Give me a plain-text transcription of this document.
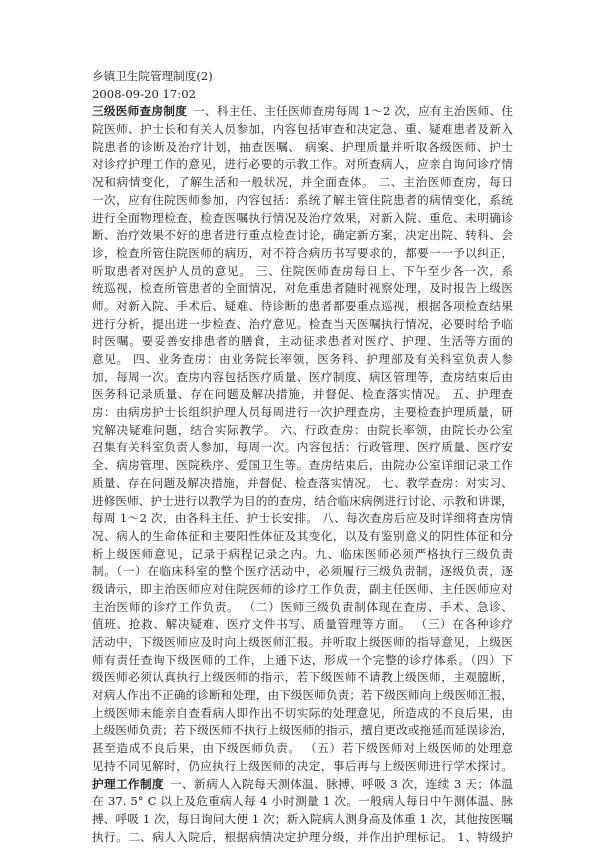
乡镇卫生院管理制度(2)
2008-09-20 17:02
三级医师查房制度 一、科主任、主任医师查房每周 1～2 次，应有主治医师、住
院医师、护士长和有关人员参加，内容包括审查和决定急、重、疑难患者及新入
院患者的诊断及治疗计划，抽查医嘱、 病案、护理质量并听取各级医师、护士
对诊疗护理工作的意见，进行必要的示教工作。对所查病人，应亲自询问诊疗情
况和病情变化，了解生活和一般状况，并全面查体。 二、主治医师查房，每日
一次，应有住院医师参加，内容包括：系统了解主管住院患者的病情变化，系统
进行全面物理检查，检查医嘱执行情况及治疗效果，对新入院、重危、未明确诊
断、治疗效果不好的患者进行重点检查讨论，确定新方案，决定出院、转科、会
诊，检查所管住院医师的病历，对不符合病历书写要求的，都要一一予以纠正，
听取患者对医护人员的意见。 三、住院医师查房每日上、下午至少各一次，系
统巡视，检查所管患者的全面情况，对危重患者随时视察处理，及时报告上级医
师。对新入院、手术后、疑难、待诊断的患者都要重点巡视，根据各项检查结果
进行分析，提出进一步检查、治疗意见。检查当天医嘱执行情况，必要时给予临
时医嘱。要妥善安排患者的膳食，主动征求患者对医疗、护理、生活等方面的
意见。 四、业务查房：由业务院长率领，医务科、护理部及有关科室负责人参
加，每周一次。查房内容包括医疗质量、医疗制度、病区管理等，查房结束后由
医务科记录质量、存在问题及解决措施，并督促、检查落实情况。 五、护理查
房：由病房护士长组织护理人员每周进行一次护理查房，主要检查护理质量，研
究解决疑难问题，结合实际教学。 六、行政查房：由院长率领，由院长办公室
召集有关科室负责人参加，每周一次。内容包括：行政管理、医疗质量、医疗安
全、病房管理、医院秩序、爱国卫生等。查房结束后，由院办公室详细记录工作
质量、存在问题及解决措施，并督促、检查落实情况。 七、教学查房：对实习、
进修医师、护士进行以教学为目的的查房，结合临床病例进行讨论、示教和讲课，
每周 1～2 次，由各科主任、护士长安排。 八、每次查房后应及时详细将查房情
况、病人的生命体征和主要阳性体征及其变化，以及有鉴别意义的阴性体征和分
析上级医师意见，记录于病程记录之内。九、临床医师必须严格执行三级负责
制。（一）在临床科室的整个医疗活动中，必须履行三级负责制，逐级负责，逐
级请示，即主治医师应对住院医师的诊疗工作负责，副主任医师、主任医师应对
主治医师的诊疗工作负责。 （二）医师三级负责制体现在查房、手术、急诊、
值班、抢救、解决疑难、医疗文件书写、质量管理等方面。 （三）在各种诊疗
活动中，下级医师应及时向上级医师汇报。并听取上级医师的指导意见，上级医
师有责任查询下级医师的工作，上通下达，形成一个完整的诊疗体系。（四）下
级医师必须认真执行上级医师的指示，若下级医师不请教上级医师，主观臆断，
对病人作出不正确的诊断和处理，由下级医师负责；若下级医师向上级医师汇报，
上级医师未能亲自查看病人即作出不切实际的处理意见，所造成的不良后果，由
上级医师负责；若下级医师不执行上级医师的指示，擅自更改或拖延而延误诊治，
甚至造成不良后果，由下级医师负责。 （五）若下级医师对上级医师的处理意
见持不同见解时，仍应执行上级医师的决定，事后再与上级医师进行学术探讨。
护理工作制度 一、新病人入院每天测体温、脉搏、呼吸 3 次，连续 3 天；体温
在 37. 5° C 以上及危重病人每 4 小时测量 1 次。一般病人每日中午测体温、脉
搏、呼吸 1 次，每日询问大便 1 次；新入院病人测身高及体重 1 次，其他按医嘱
执行。二、病人入院后，根据病情决定护理分级，并作出护理标记。 1、特级护
